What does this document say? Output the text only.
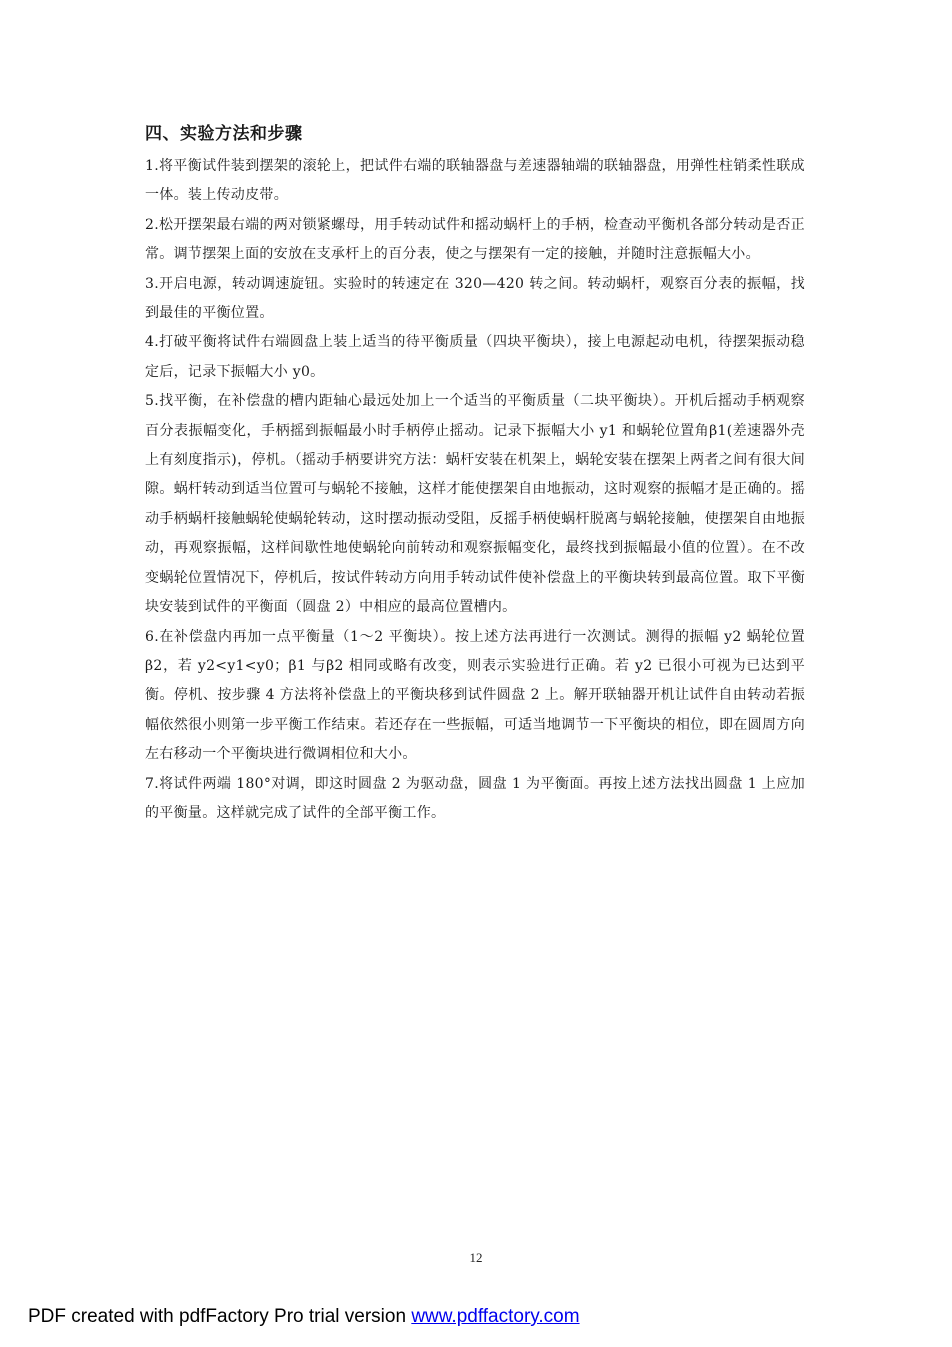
四、实验方法和步骤

1.将平衡试件装到摆架的滚轮上，把试件右端的联轴器盘与差速器轴端的联轴器盘，用弹性柱销柔性联成一体。装上传动皮带。

2.松开摆架最右端的两对锁紧螺母，用手转动试件和摇动蜗杆上的手柄，检查动平衡机各部分转动是否正常。调节摆架上面的安放在支承杆上的百分表，使之与摆架有一定的接触，并随时注意振幅大小。

3.开启电源，转动调速旋钮。实验时的转速定在 320—420 转之间。转动蜗杆，观察百分表的振幅，找到最佳的平衡位置。

4.打破平衡将试件右端圆盘上装上适当的待平衡质量（四块平衡块），接上电源起动电机，待摆架振动稳定后，记录下振幅大小 y0。

5.找平衡，在补偿盘的槽内距轴心最远处加上一个适当的平衡质量（二块平衡块）。开机后摇动手柄观察百分表振幅变化，手柄摇到振幅最小时手柄停止摇动。记录下振幅大小 y1 和蜗轮位置角β1(差速器外壳上有刻度指示)，停机。（摇动手柄要讲究方法：蜗杆安装在机架上，蜗轮安装在摆架上两者之间有很大间隙。蜗杆转动到适当位置可与蜗轮不接触，这样才能使摆架自由地振动，这时观察的振幅才是正确的。摇动手柄蜗杆接触蜗轮使蜗轮转动，这时摆动振动受阻，反摇手柄使蜗杆脱离与蜗轮接触，使摆架自由地振动，再观察振幅，这样间歇性地使蜗轮向前转动和观察振幅变化，最终找到振幅最小值的位置）。在不改变蜗轮位置情况下，停机后，按试件转动方向用手转动试件使补偿盘上的平衡块转到最高位置。取下平衡块安装到试件的平衡面（圆盘 2）中相应的最高位置槽内。

6.在补偿盘内再加一点平衡量（1～2 平衡块）。按上述方法再进行一次测试。测得的振幅 y2 蜗轮位置β2，若 y2<y1<y0；β1 与β2 相同或略有改变，则表示实验进行正确。若 y2 已很小可视为已达到平衡。停机、按步骤 4 方法将补偿盘上的平衡块移到试件圆盘 2 上。解开联轴器开机让试件自由转动若振幅依然很小则第一步平衡工作结束。若还存在一些振幅，可适当地调节一下平衡块的相位，即在圆周方向左右移动一个平衡块进行微调相位和大小。

7.将试件两端 180°对调，即这时圆盘 2 为驱动盘，圆盘 1 为平衡面。再按上述方法找出圆盘 1 上应加的平衡量。这样就完成了试件的全部平衡工作。

12
PDF created with pdfFactory Pro trial version www.pdffactory.com
